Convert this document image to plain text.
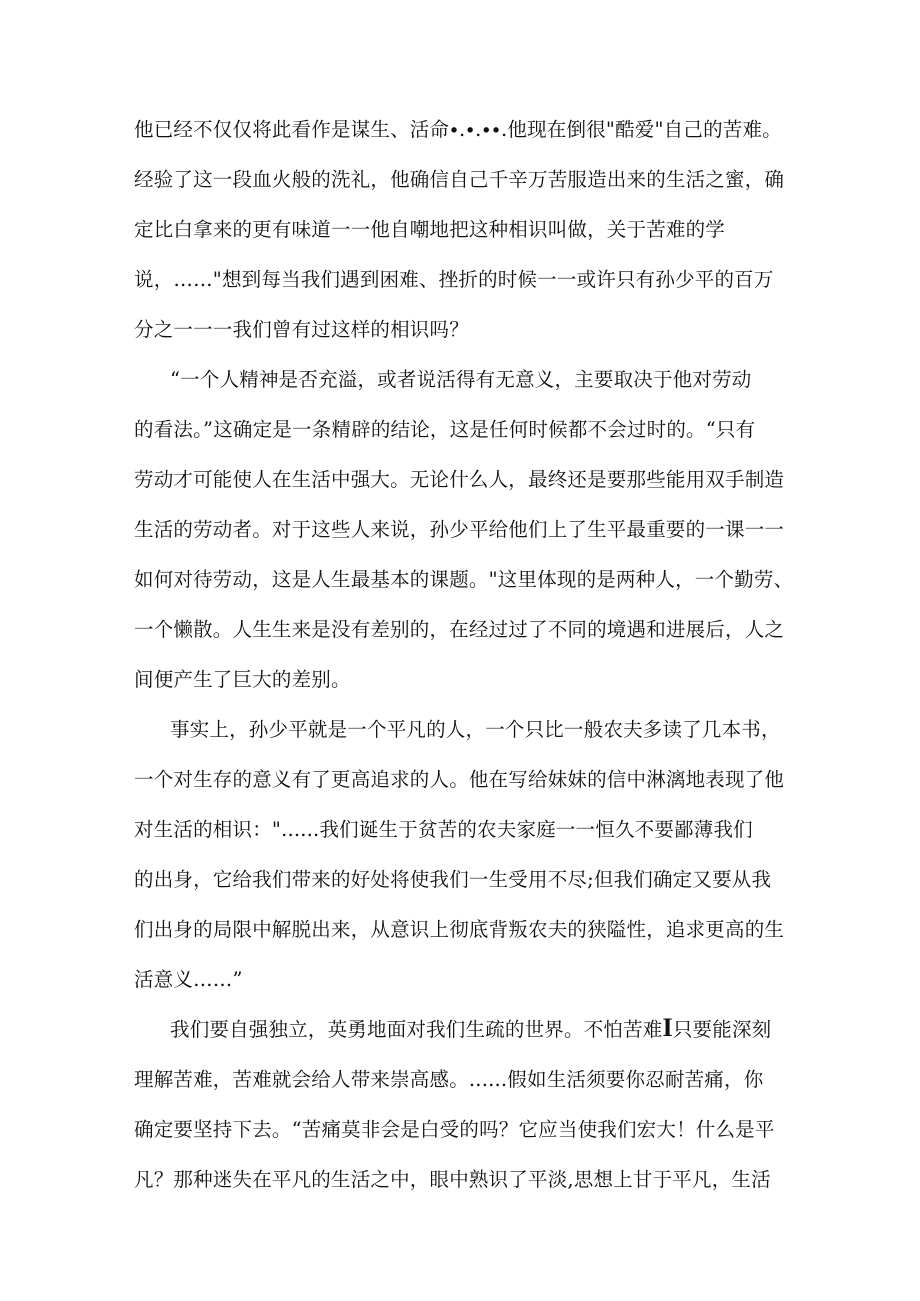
他已经不仅仅将此看作是谋生、活命∙.∙.∙∙.他现在倒很"酷爱"自己的苦难。
经验了这一段血火般的洗礼，他确信自己千辛万苦服造出来的生活之蜜，确
定比白拿来的更有味道一一他自嘲地把这种相识叫做，关于苦难的学
说，……"想到每当我们遇到困难、挫折的时候一一或许只有孙少平的百万
分之一一一我们曾有过这样的相识吗？
“一个人精神是否充溢，或者说活得有无意义，主要取决于他对劳动
的看法。”这确定是一条精辟的结论，这是任何时候都不会过时的。“只有
劳动才可能使人在生活中强大。无论什么人，最终还是要那些能用双手制造
生活的劳动者。对于这些人来说，孙少平给他们上了生平最重要的一课一一
如何对待劳动，这是人生最基本的课题。"这里体现的是两种人，一个勤劳、
一个懒散。人生生来是没有差别的，在经过过了不同的境遇和进展后，人之
间便产生了巨大的差别。
事实上，孙少平就是一个平凡的人，一个只比一般农夫多读了几本书，
一个对生存的意义有了更高追求的人。他在写给妹妹的信中淋漓地表现了他
对生活的相识："......我们诞生于贫苦的农夫家庭一一恒久不要鄙薄我们
的出身，它给我们带来的好处将使我们一生受用不尽;但我们确定又要从我
们出身的局限中解脱出来，从意识上彻底背叛农夫的狭隘性，追求更高的生
活意义……”
我们要自强独立，英勇地面对我们生疏的世界。不怕苦难I只要能深刻
理解苦难，苦难就会给人带来崇高感。......假如生活须要你忍耐苦痛，你
确定要坚持下去。“苦痛莫非会是白受的吗？它应当使我们宏大！什么是平
凡？那种迷失在平凡的生活之中，眼中熟识了平淡,思想上甘于平凡，生活
